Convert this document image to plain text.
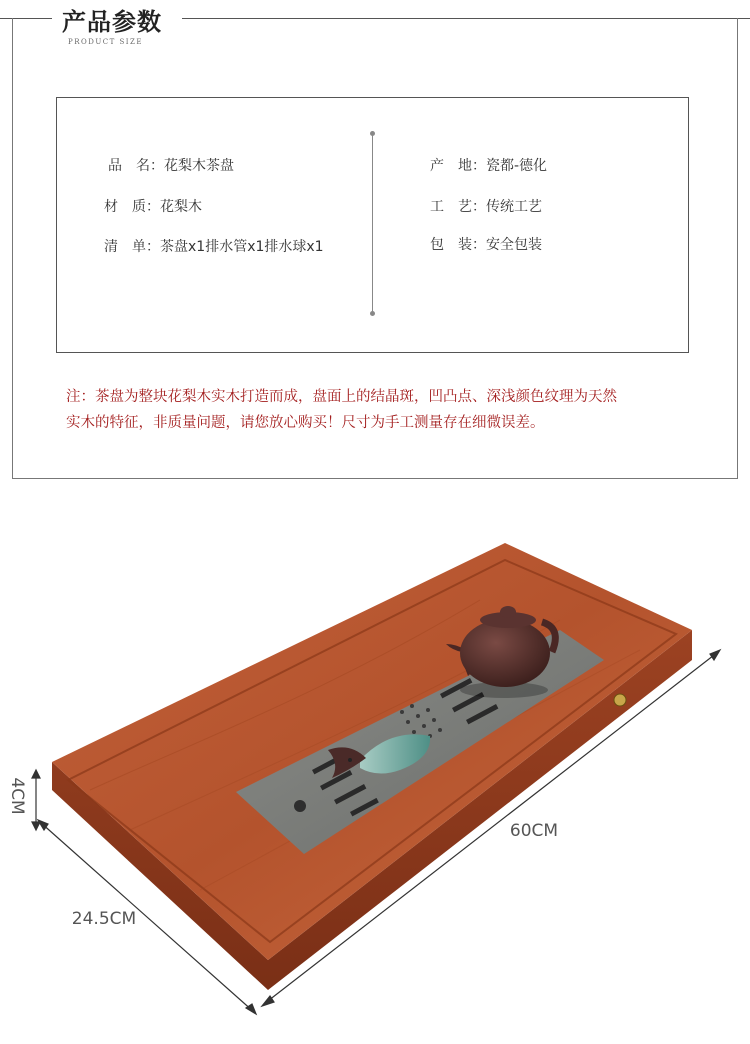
产品参数
PRODUCT SIZE
品　名：花梨木茶盘
材　质：花梨木
清　单：茶盘x1排水管x1排水球x1
产　地：瓷都-德化
工　艺：传统工艺
包　装：安全包装
注：茶盘为整块花梨木实木打造而成，盘面上的结晶斑，凹凸点、深浅颜色纹理为天然
实木的特征，非质量问题，请您放心购买！尺寸为手工测量存在细微误差。
4CM
60CM
24.5CM
